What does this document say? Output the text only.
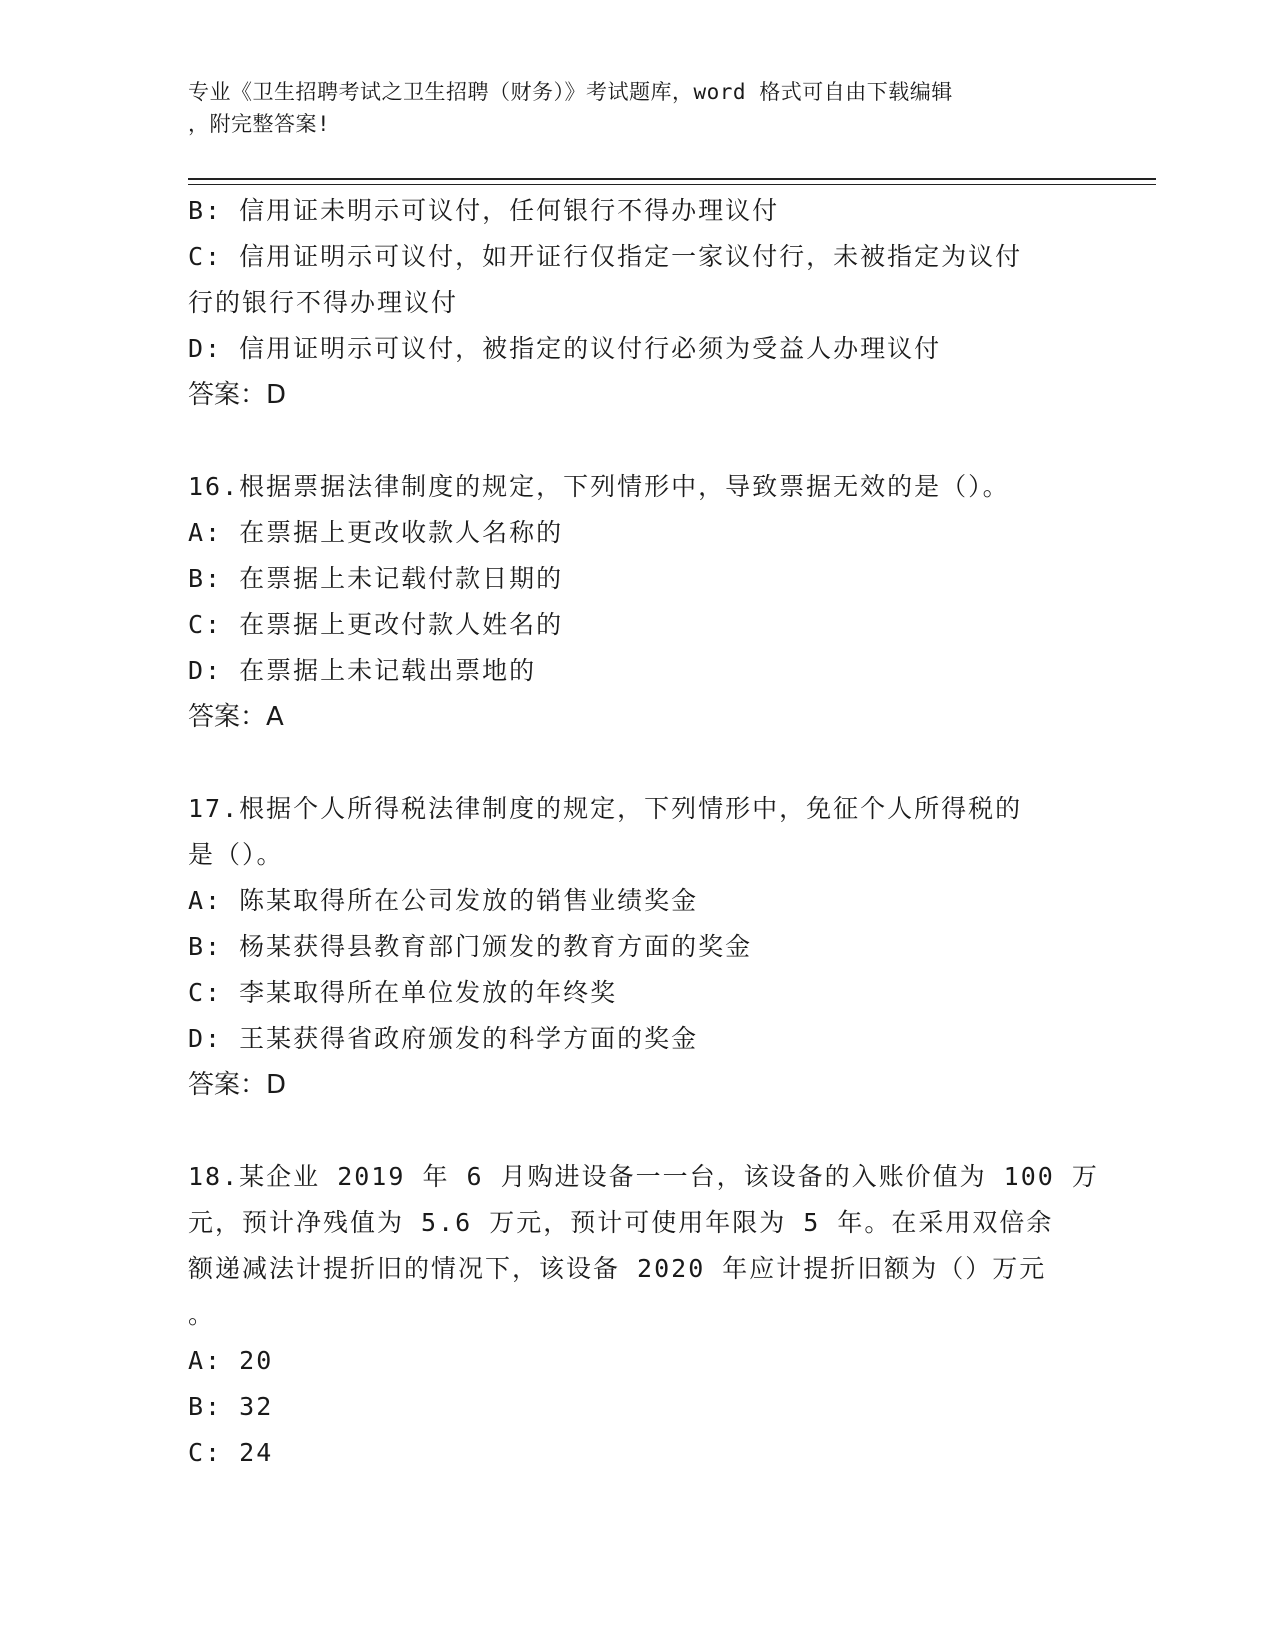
专业《卫生招聘考试之卫生招聘（财务）》考试题库，word 格式可自由下载编辑
，附完整答案!
B: 信用证未明示可议付，任何银行不得办理议付
C: 信用证明示可议付，如开证行仅指定一家议付行，未被指定为议付
行的银行不得办理议付
D: 信用证明示可议付，被指定的议付行必须为受益人办理议付
答案：D
16.根据票据法律制度的规定，下列情形中，导致票据无效的是（）。
A: 在票据上更改收款人名称的
B: 在票据上未记载付款日期的
C: 在票据上更改付款人姓名的
D: 在票据上未记载出票地的
答案：A
17.根据个人所得税法律制度的规定，下列情形中，免征个人所得税的
是（）。
A: 陈某取得所在公司发放的销售业绩奖金
B: 杨某获得县教育部门颁发的教育方面的奖金
C: 李某取得所在单位发放的年终奖
D: 王某获得省政府颁发的科学方面的奖金
答案：D
18.某企业 2019 年 6 月购进设备一一台，该设备的入账价值为 100 万
元，预计净残值为 5.6 万元，预计可使用年限为 5 年。在采用双倍余
额递减法计提折旧的情况下，该设备 2020 年应计提折旧额为（）万元
。
A: 20
B: 32
C: 24
